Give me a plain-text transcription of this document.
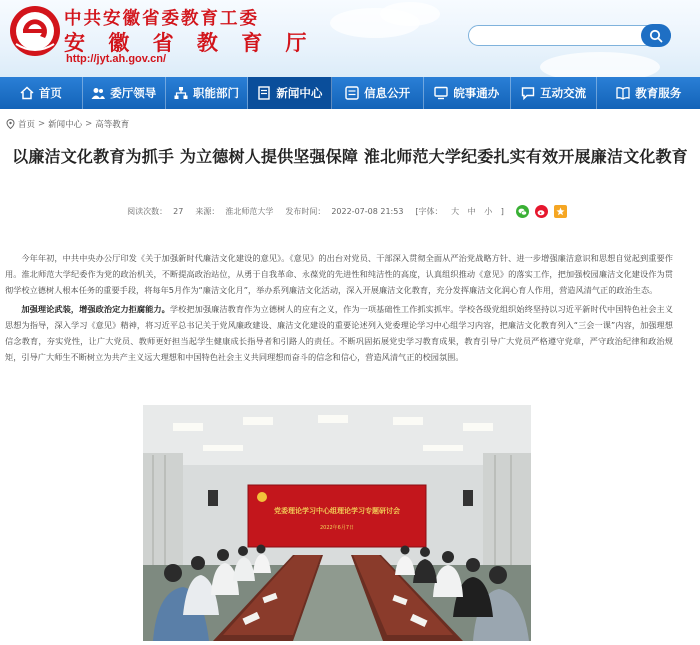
中共安徽省委教育工委
安 徽 省 教 育 厅
http://jyt.ah.gov.cn/
首页	委厅领导	职能部门	新闻中心	信息公开	皖事通办	互动交流	教育服务
首页 > 新闻中心 > 高等教育
以廉洁文化教育为抓手 为立德树人提供坚强保障 淮北师范大学纪委扎实有效开展廉洁文化教育
阅读次数： 27	来源： 淮北师范大学	发布时间： 2022-07-08 21:53	[字体： 大 中 小 ]

今年年初，中共中央办公厅印发《关于加强新时代廉洁文化建设的意见》。《意见》的出台对党员、干部深入贯彻全面从严治党战略方针、进一步增强廉洁意识和思想自觉起到重要作用。淮北师范大学纪委作为党的政治机关，不断提高政治站位，从勇于自我革命、永葆党的先进性和纯洁性的高度，认真组织推动《意见》的落实工作，把加强校园廉洁文化建设作为贯彻学校立德树人根本任务的重要手段，将每年5月作为“廉洁文化月”，举办系列廉洁文化活动，深入开展廉洁文化教育，充分发挥廉洁文化润心育人作用，营造风清气正的政治生态。

加强理论武装，增强政治定力拒腐能力。学校把加强廉洁教育作为立德树人的应有之义，作为一项基础性工作抓实抓牢。学校各级党组织始终坚持以习近平新时代中国特色社会主义思想为指导，深入学习《意见》精神，将习近平总书记关于党风廉政建设、廉洁文化建设的重要论述列入党委理论学习中心组学习内容，把廉洁文化教育列入“三会一课”内容，加强理想信念教育，夯实党性，让广大党员、教师更好担当起学生健康成长指导者和引路人的责任。不断巩固拓展党史学习教育成果，教育引导广大党员严格遵守党章，严守政治纪律和政治规矩，引导广大师生不断树立为共产主义远大理想和中国特色社会主义共同理想而奋斗的信念和信心，营造风清气正的校园氛围。

党委理论学习中心组理论学习专题研讨会
2022年6月7日
